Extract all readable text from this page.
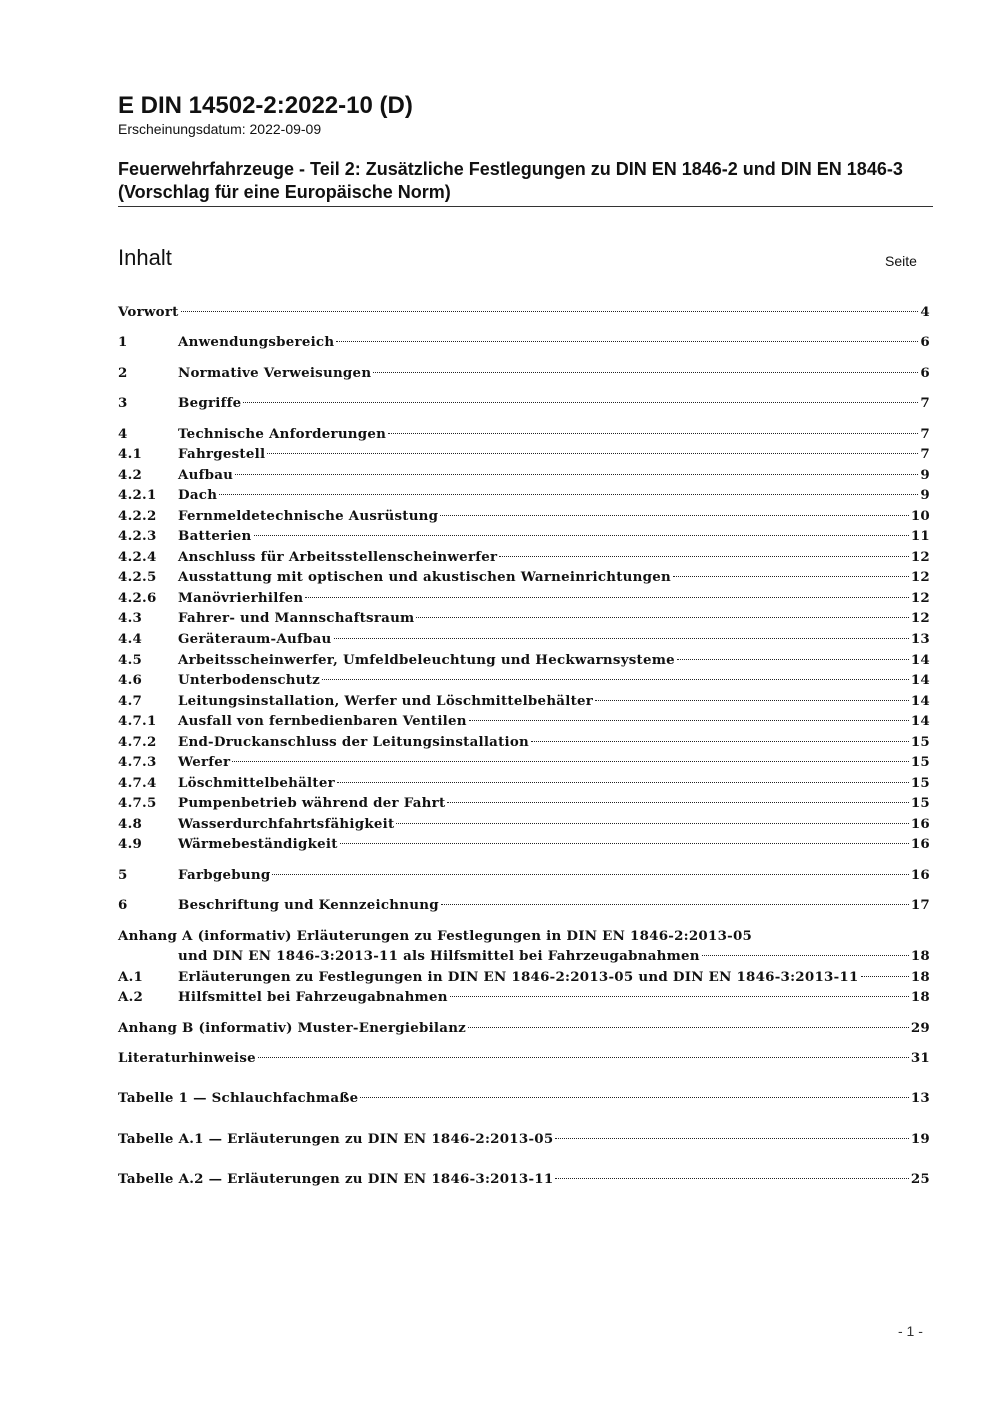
E DIN 14502-2:2022-10 (D)
Erscheinungsdatum: 2022-09-09
Feuerwehrfahrzeuge - Teil 2: Zusätzliche Festlegungen zu DIN EN 1846-2 und DIN EN 1846-3 (Vorschlag für eine Europäische Norm)
Inhalt	Seite
Vorwort	4
1	Anwendungsbereich	6
2	Normative Verweisungen	6
3	Begriffe	7
4	Technische Anforderungen	7
4.1	Fahrgestell	7
4.2	Aufbau	9
4.2.1	Dach	9
4.2.2	Fernmeldetechnische Ausrüstung	10
4.2.3	Batterien	11
4.2.4	Anschluss für Arbeitsstellenscheinwerfer	12
4.2.5	Ausstattung mit optischen und akustischen Warneinrichtungen	12
4.2.6	Manövrierhilfen	12
4.3	Fahrer- und Mannschaftsraum	12
4.4	Geräteraum-Aufbau	13
4.5	Arbeitsscheinwerfer, Umfeldbeleuchtung und Heckwarnsysteme	14
4.6	Unterbodenschutz	14
4.7	Leitungsinstallation, Werfer und Löschmittelbehälter	14
4.7.1	Ausfall von fernbedienbaren Ventilen	14
4.7.2	End-Druckanschluss der Leitungsinstallation	15
4.7.3	Werfer	15
4.7.4	Löschmittelbehälter	15
4.7.5	Pumpenbetrieb während der Fahrt	15
4.8	Wasserdurchfahrtsfähigkeit	16
4.9	Wärmebeständigkeit	16
5	Farbgebung	16
6	Beschriftung und Kennzeichnung	17
Anhang A (informativ) Erläuterungen zu Festlegungen in DIN EN 1846-2:2013-05
und DIN EN 1846-3:2013-11 als Hilfsmittel bei Fahrzeugabnahmen	18
A.1	Erläuterungen zu Festlegungen in DIN EN 1846-2:2013-05 und DIN EN 1846-3:2013-11	18
A.2	Hilfsmittel bei Fahrzeugabnahmen	18
Anhang B (informativ) Muster-Energiebilanz	29
Literaturhinweise	31
Tabelle 1 — Schlauchfachmaße	13
Tabelle A.1 — Erläuterungen zu DIN EN 1846-2:2013-05	19
Tabelle A.2 — Erläuterungen zu DIN EN 1846-3:2013-11	25
- 1 -
